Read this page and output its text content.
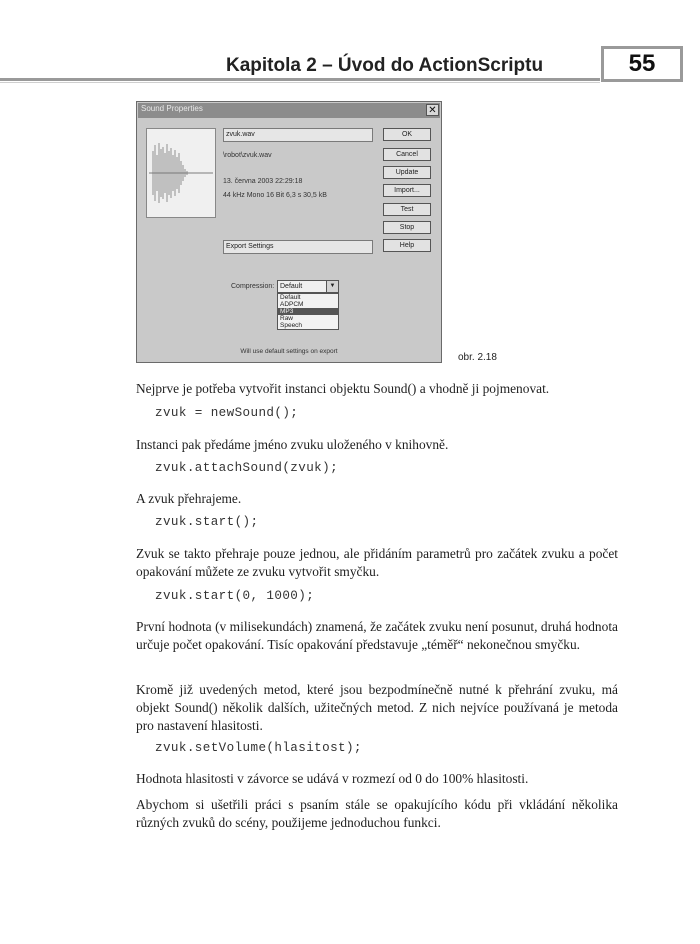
Kapitola 2 – Úvod do ActionScriptu	55
Sound Properties	✕
zvuk.wav
\robot\zvuk.wav
13. června 2003 22:29:18
44 kHz Mono 16 Bit 6,3 s 30,5 kB
Export Settings
OK
Cancel
Update
Import...
Test
Stop
Help
Compression: Default	▼
Default
ADPCM
MP3
Raw
Speech
Will use default settings on export
obr. 2.18

Nejprve je potřeba vytvořit instanci objektu Sound() a vhodně ji pojmenovat.

zvuk = newSound();

Instanci pak předáme jméno zvuku uloženého v knihovně.

zvuk.attachSound(zvuk);

A zvuk přehrajeme.

zvuk.start();

Zvuk se takto přehraje pouze jednou, ale přidáním parametrů pro začátek zvuku a počet opakování můžete ze zvuku vytvořit smyčku.

zvuk.start(0, 1000);

První hodnota (v milisekundách) znamená, že začátek zvuku není posunut, druhá hodnota určuje počet opakování. Tisíc opakování představuje „téměř“ nekonečnou smyčku.

Kromě již uvedených metod, které jsou bezpodmínečně nutné k přehrání zvuku, má objekt Sound() několik dalších, užitečných metod. Z nich nejvíce používaná je metoda pro nastavení hlasitosti.

zvuk.setVolume(hlasitost);

Hodnota hlasitosti v závorce se udává v rozmezí od 0 do 100% hlasitosti.

Abychom si ušetřili práci s psaním stále se opakujícího kódu při vkládání několika různých zvuků do scény, použijeme jednoduchou funkci.
